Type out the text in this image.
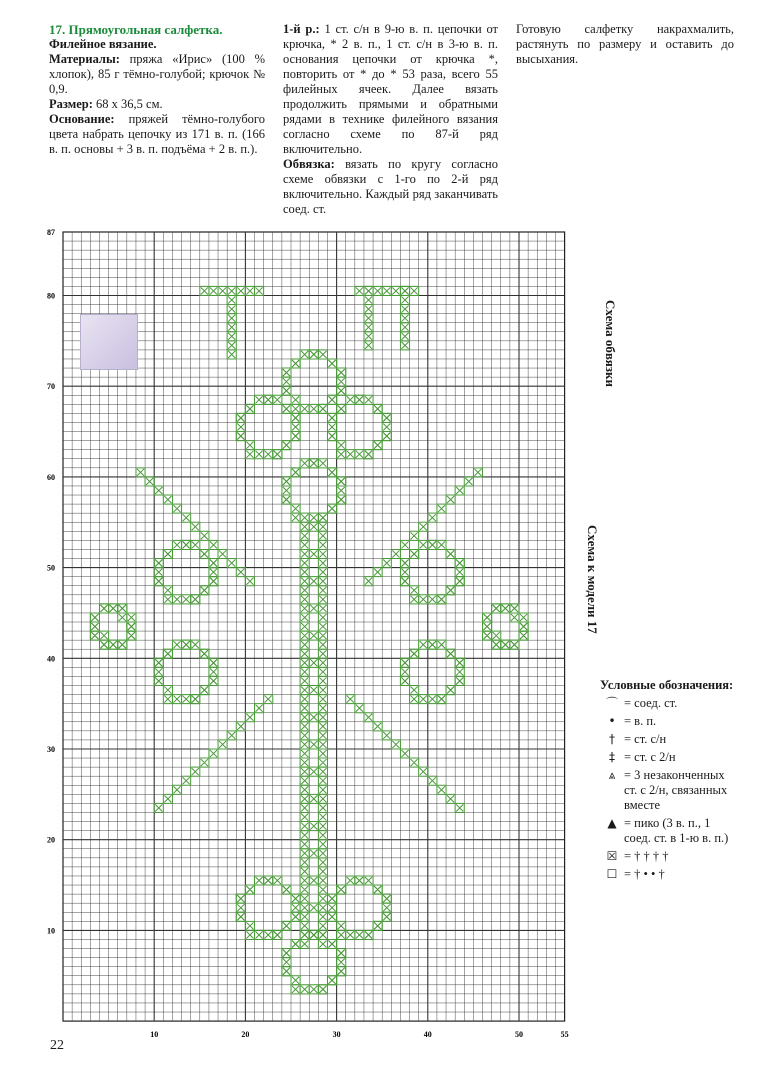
17. Прямоугольная салфетка.

Филейное вязание.

Материалы: пряжа «Ирис» (100 % хлопок), 85 г тёмно-голубой; крючок № 0,9.

Размер: 68 х 36,5 см.

Основание: пряжей тёмно-голубого цвета набрать цепочку из 171 в. п. (166 в. п. основы + 3 в. п. подъёма + 2 в. п.).

1-й р.: 1 ст. с/н в 9-ю в. п. цепочки от крючка, * 2 в. п., 1 ст. с/н в 3-ю в. п. основания цепочки от крючка *, повторить от * до * 53 раза, всего 55 филейных ячеек. Далее вязать продолжить прямыми и обратными рядами в технике филейного вязания согласно схеме по 87-й ряд включительно.

Обвязка: вязать по кругу согласно схеме обвязки с 1-го по 2-й ряд включительно. Каждый ряд заканчивать соед. ст.

Готовую салфетку накрахмалить, растянуть по размеру и оставить до высыхания.

10	20	30	40	50	55
10
20
30
40
50
60
70
80
87
Схема обвязки
Схема к модели 17
Условные обозначения:
⌒ = соед. ст.
• = в. п.
† = ст. с/н
‡ = ст. с 2/н
⩓ = 3 незаконченных ст. с 2/н, связанных вместе
▲ = пико (3 в. п., 1 соед. ст. в 1-ю в. п.)
☒ = † † † †
☐ = † • • †
22
